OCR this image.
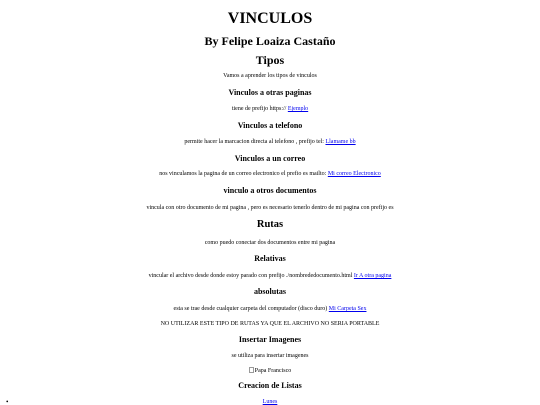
VINCULOS
By Felipe Loaiza Castaño
Tipos
Vamos a aprender los tipos de vinculos
Vinculos a otras paginas
tiene de prefijo https:// Ejemplo
Vinculos a telefono
permite hacer la marcacion directa al telefono , prefijo tel: Llamame bb
Vinculos a un correo
nos vinculamos la pagina de un correo electronico el prefio es mailto: Mi correo Electronico
vinculo a otros documentos
vincula con otro documento de mi pagina , pero es necesario tenerlo dentro de mi pagina con prefijo es
Rutas
como puedo conectar dos documentos entre mi pagina
Relativas
vincular el archivo desde donde estoy parado con prefijo ./nombrededocumento.html Ir A otra pagina
absolutas
esta se trae desde cualquier carpeta del computador (disco duro) Mi Carpeta Sex
NO UTILIZAR ESTE TIPO DE RUTAS YA QUE EL ARCHIVO NO SERIA PORTABLE
Insertar Imagenes
se utiliza para insertar imagenes
Papa Francisco
Creacion de Listas
•	Lunes
